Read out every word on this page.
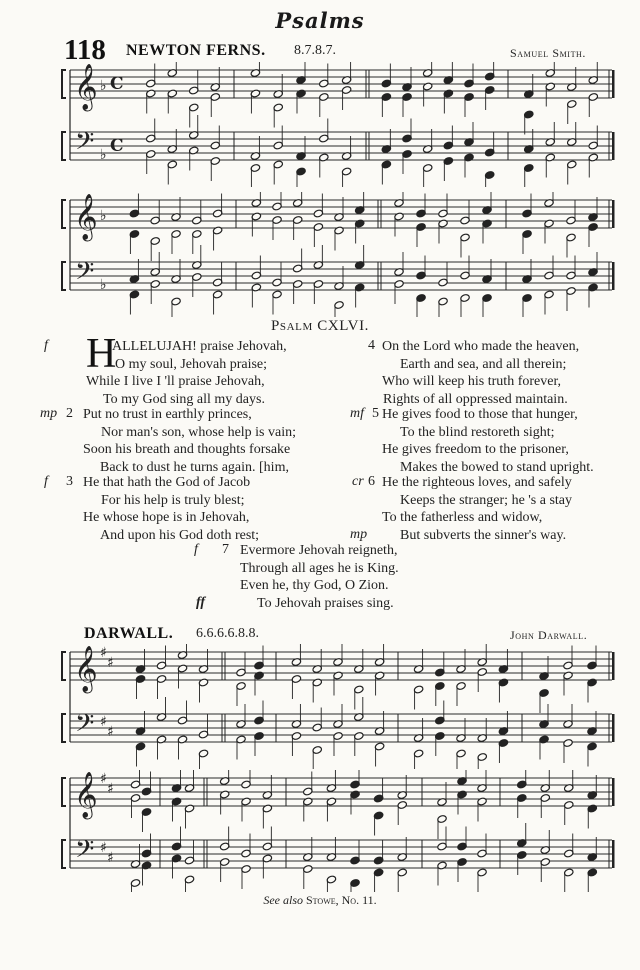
Psalms
118 NEWTON FERNS. 8.7.8.7.	Samuel Smith.
𝄞
𝄢
♭
♭
C
C
𝄞
𝄢
♭
♭
Psalm CXLVI.
f H
ALLELUJAH! praise Jehovah,
O my soul, Jehovah praise;
While I live I 'll praise Jehovah,
To my God sing all my days.
mp 2 Put no trust in earthly princes,
Nor man's son, whose help is vain;
Soon his breath and thoughts forsake
Back to dust he turns again. [him,
f 3 He that hath the God of Jacob
For his help is truly blest;
He whose hope is in Jehovah,
And upon his God doth rest;
4 On the Lord who made the heaven,
Earth and sea, and all therein;
Who will keep his truth forever,
Rights of all oppressed maintain.
mf 5 He gives food to those that hunger,
To the blind restoreth sight;
He gives freedom to the prisoner,
Makes the bowed to stand upright.
cr 6 He the righteous loves, and safely
Keeps the stranger; he 's a stay
To the fatherless and widow,
But subverts the sinner's way.
mp
f 7 Evermore Jehovah reigneth,
Through all ages he is King.
Even he, thy God, O Zion.
To Jehovah praises sing.
ff
DARWALL. 6.6.6.6.8.8.	John Darwall.
𝄞
𝄢
♯
♯
♯
♯
𝄞
𝄢
♯
♯
♯
♯
See also Stowe, No. 11.
